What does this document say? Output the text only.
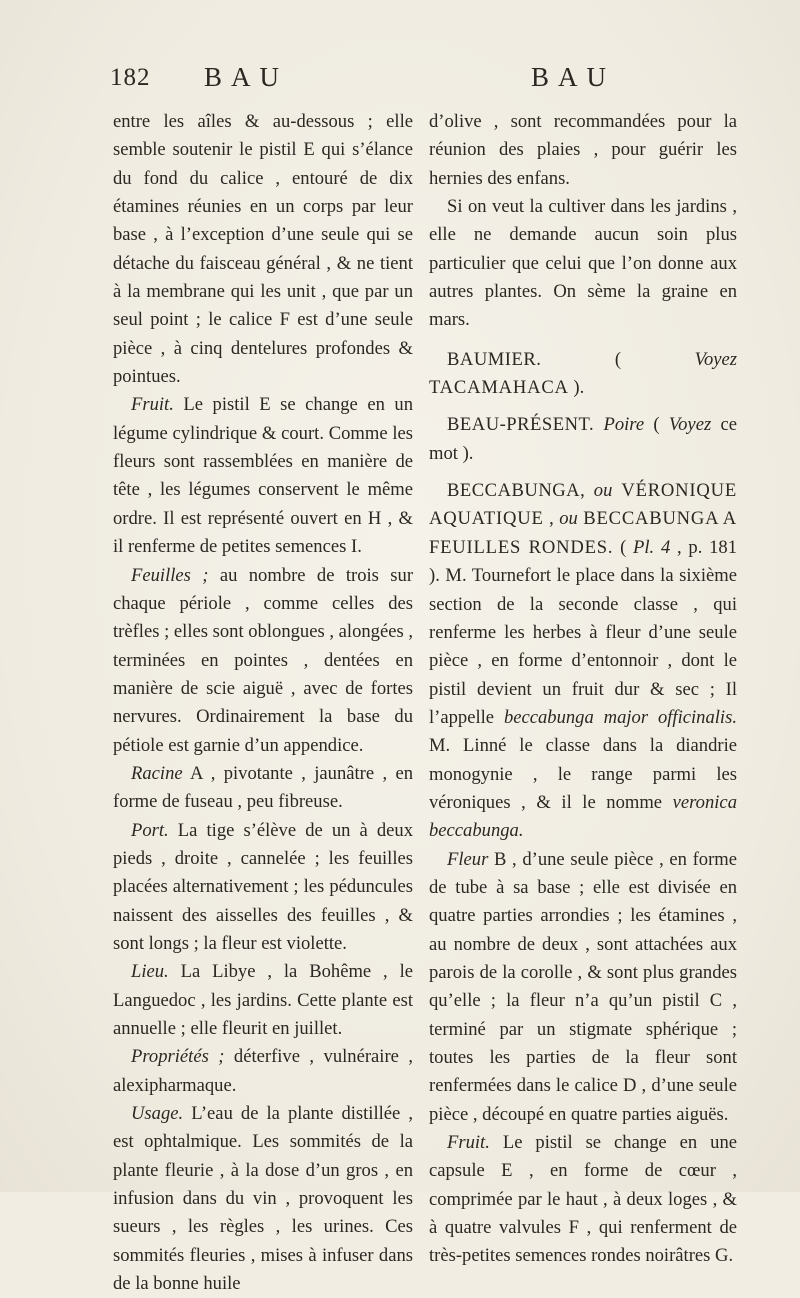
182 BAU	BAU

entre les aîles & au-dessous ; elle semble soutenir le pistil E qui s’élance du fond du calice , entouré de dix étamines réunies en un corps par leur base , à l’exception d’une seule qui se détache du faisceau général , & ne tient à la membrane qui les unit , que par un seul point ; le calice F est d’une seule pièce , à cinq dentelures profondes & pointues.

Fruit. Le pistil E se change en un légume cylindrique & court. Comme les fleurs sont rassemblées en manière de tête , les légumes conservent le même ordre. Il est représenté ouvert en H , & il renferme de petites semences I.

Feuilles ; au nombre de trois sur chaque périole , comme celles des trèfles ; elles sont oblongues , alongées , terminées en pointes , dentées en manière de scie aiguë , avec de fortes nervures. Ordinairement la base du pétiole est garnie d’un appendice.

Racine A , pivotante , jaunâtre , en forme de fuseau , peu fibreuse.

Port. La tige s’élève de un à deux pieds , droite , cannelée ; les feuilles placées alternativement ; les péduncules naissent des aisselles des feuilles , & sont longs ; la fleur est violette.

Lieu. La Libye , la Bohême , le Languedoc , les jardins. Cette plante est annuelle ; elle fleurit en juillet.

Propriétés ; déterfive , vulnéraire , alexipharmaque.

Usage. L’eau de la plante distillée , est ophtalmique. Les sommités de la plante fleurie , à la dose d’un gros , en infusion dans du vin , provoquent les sueurs , les règles , les urines. Ces sommités fleuries , mises à infuser dans de la bonne huile

d’olive , sont recommandées pour la réunion des plaies , pour guérir les hernies des enfans.

Si on veut la cultiver dans les jardins , elle ne demande aucun soin plus particulier que celui que l’on donne aux autres plantes. On sème la graine en mars.

BAUMIER. ( Voyez TACAMAHACA ).

BEAU-PRÉSENT. Poire ( Voyez ce mot ).

BECCABUNGA, ou VÉRONIQUE AQUATIQUE , ou BECCABUNGA A FEUILLES RONDES. ( Pl. 4 , p. 181 ). M. Tournefort le place dans la sixième section de la seconde classe , qui renferme les herbes à fleur d’une seule pièce , en forme d’entonnoir , dont le pistil devient un fruit dur & sec ; Il l’appelle beccabunga major officinalis. M. Linné le classe dans la diandrie monogynie , le range parmi les véroniques , & il le nomme veronica beccabunga.

Fleur B , d’une seule pièce , en forme de tube à sa base ; elle est divisée en quatre parties arrondies ; les étamines , au nombre de deux , sont attachées aux parois de la corolle , & sont plus grandes qu’elle ; la fleur n’a qu’un pistil C , terminé par un stigmate sphérique ; toutes les parties de la fleur sont renfermées dans le calice D , d’une seule pièce , découpé en quatre parties aiguës.

Fruit. Le pistil se change en une capsule E , en forme de cœur , comprimée par le haut , à deux loges , & à quatre valvules F , qui renferment de très-petites semences rondes noirâtres G.
